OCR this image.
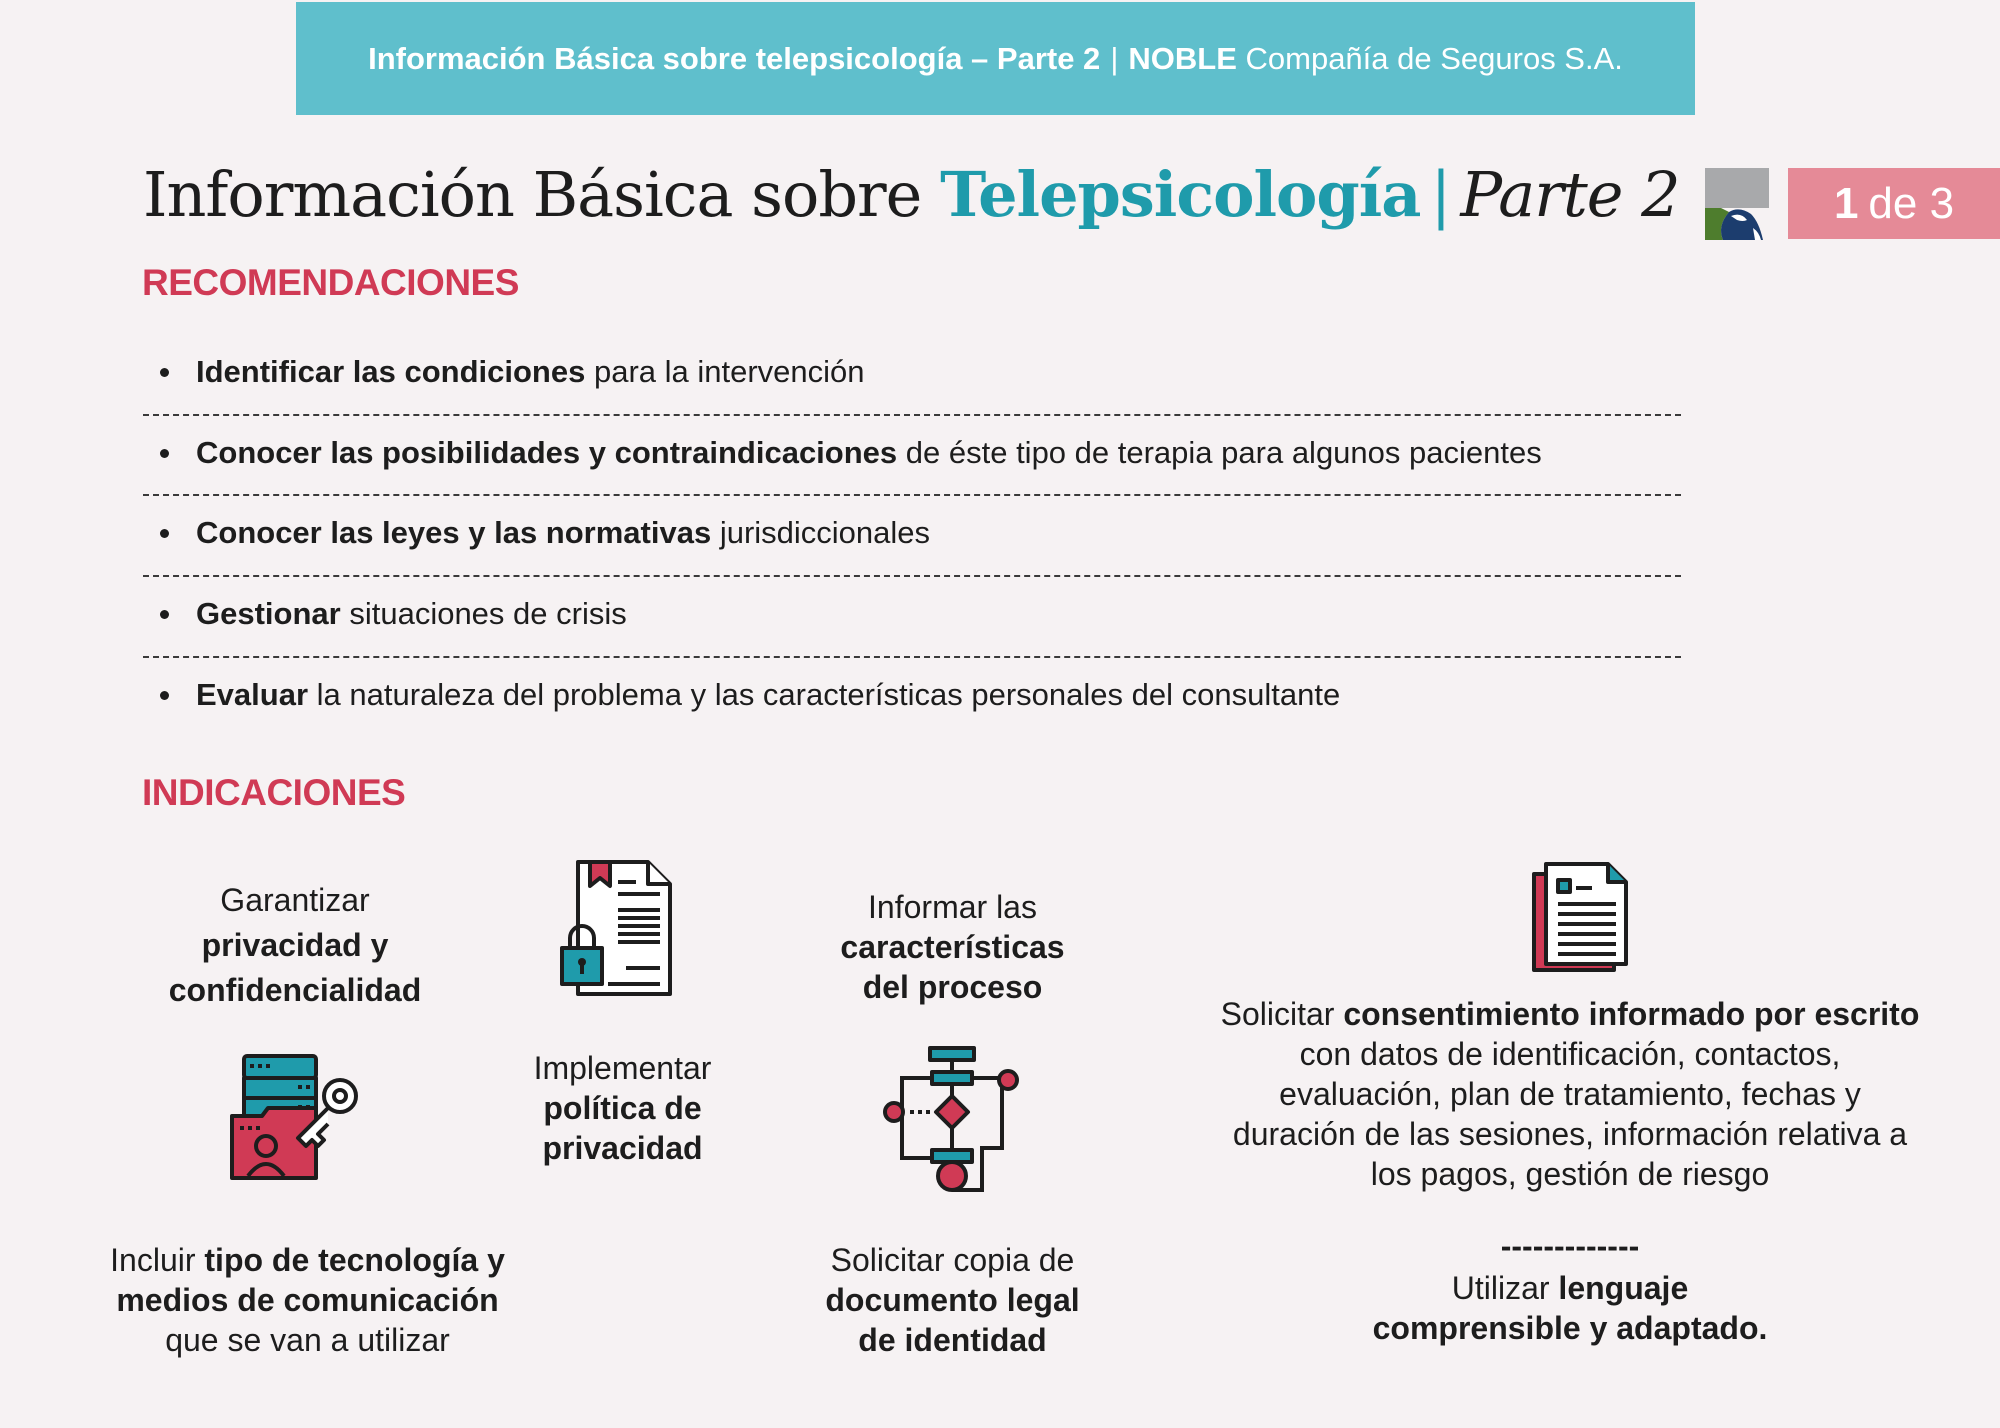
Información Básica sobre telepsicología – Parte 2 | NOBLE
Compañía de Seguros S.A.
Información Básica sobre Telepsicología | Parte 2	1 de 3
RECOMENDACIONES
Identificar las condiciones para la intervención
Conocer las posibilidades y contraindicaciones de éste tipo de terapia para algunos pacientes
Conocer las leyes y las normativas jurisdiccionales
Gestionar situaciones de crisis
Evaluar la naturaleza del problema y las características personales del consultante
INDICACIONES
Garantizar
privacidad y
confidencialidad
Incluir tipo de tecnología y
medios de comunicación
que se van a utilizar
Implementar
política de
privacidad
Informar las
características
del proceso
Solicitar copia de
documento legal
de identidad
Solicitar consentimiento informado por escrito
con datos de identificación, contactos,
evaluación, plan de tratamiento, fechas y
duración de las sesiones, información relativa a
los pagos, gestión de riesgo
-------------
Utilizar lenguaje
comprensible y adaptado.
